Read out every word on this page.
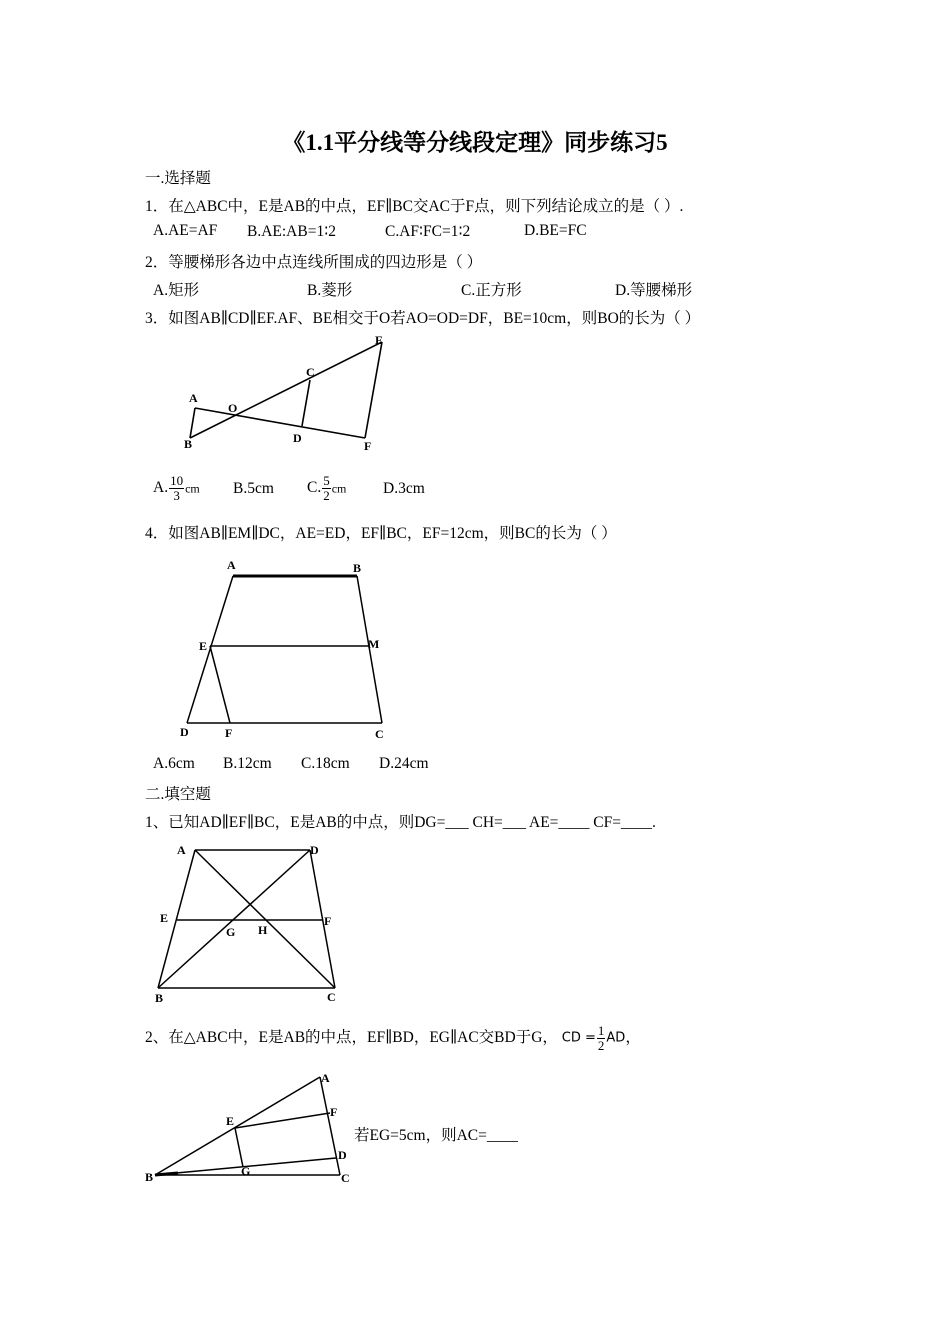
《1.1平分线等分线段定理》同步练习5
一.选择题
1．在△ABC中，E是AB的中点，EF∥BC交AC于F点，则下列结论成立的是（ ）.
A.AE=AF B.AE:AB=1∶2	C.AF∶FC=1∶2	D.BE=FC
2．等腰梯形各边中点连线所围成的四边形是（ ）
A.矩形	B.菱形	C.正方形	D.等腰梯形
3．如图AB∥CD∥EF.AF、BE相交于O若AO=OD=DF，BE=10cm，则BO的长为（ ）
A
B
O
C
D
E
F
A. $\frac{10}{3}$ cm B.5cm C. $\frac{5}{2}$ cm D.3cm
4．如图AB∥EM∥DC，AE=ED，EF∥BC，EF=12cm，则BC的长为（ ）
A	B
E	M
D	F	C
A.6cm B.12cm C.18cm D.24cm
二.填空题
1、已知AD∥EF∥BC，E是AB的中点，则DG=___ CH=___ AE=____ CF=____.
A	D
E	F
G H
B	C
2、在△ABC中，E是AB的中点，EF∥BD，EG∥AC交BD于G， CD = $\frac{1}{2}$ AD，
A
E
F
D
B	G	C
若EG=5cm，则AC=____
